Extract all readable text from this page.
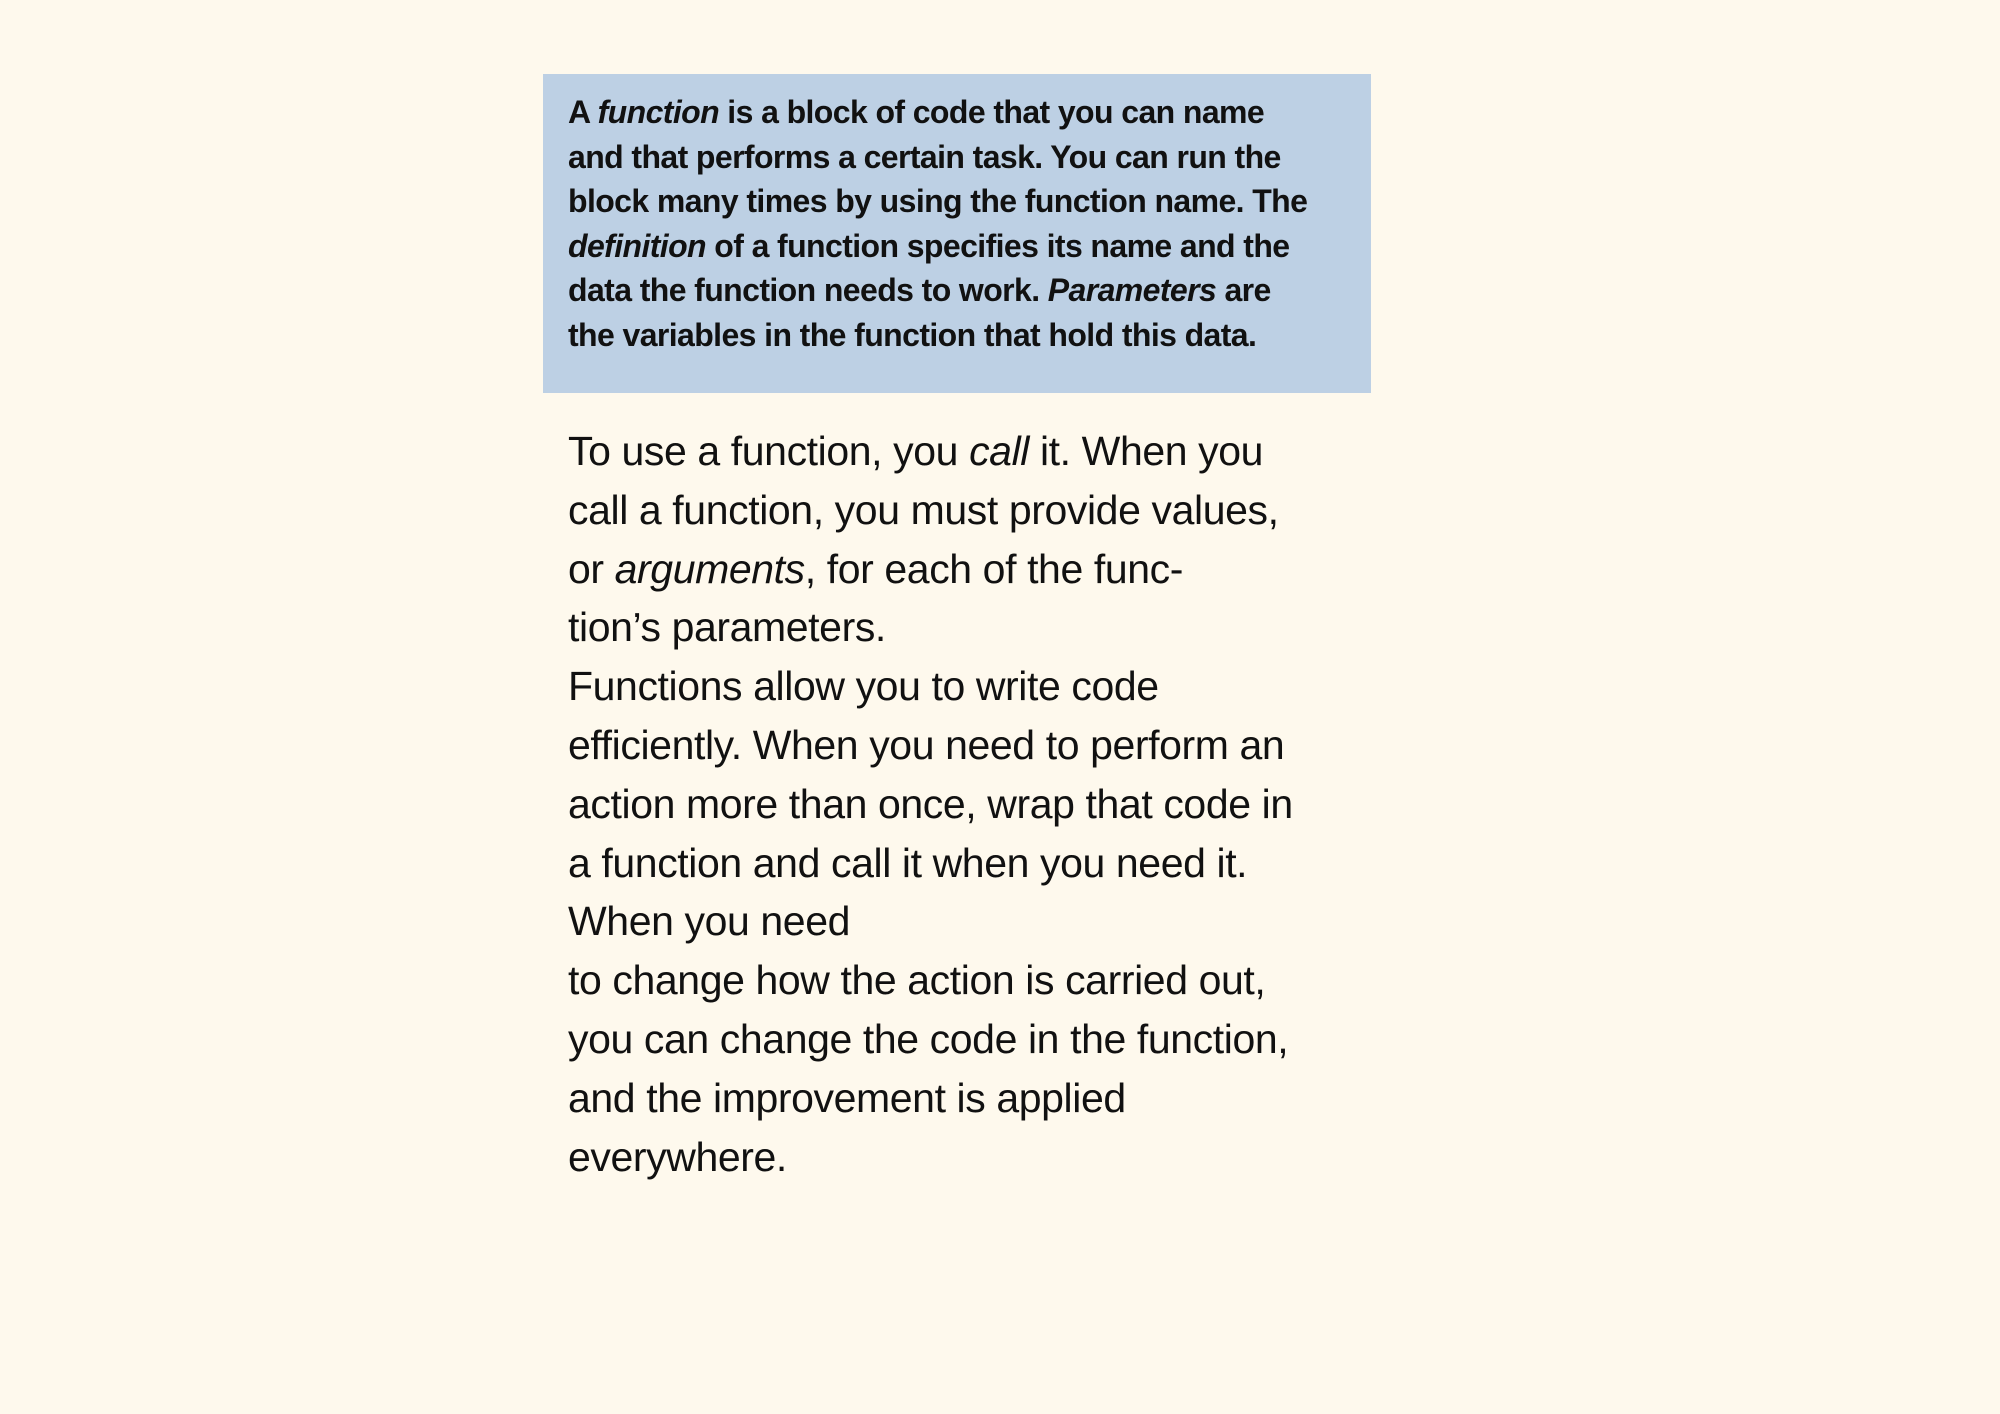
A function is a block of code that you can name
and that performs a certain task. You can run the
block many times by using the function name. The
definition of a function specifies its name and the
data the function needs to work. Parameters are
the variables in the function that hold this data.
To use a function, you call it. When you
call a function, you must provide values,
or arguments, for each of the func-
tion’s parameters.
Functions allow you to write code
efficiently. When you need to perform an
action more than once, wrap that code in
a function and call it when you need it.
When you need
to change how the action is carried out,
you can change the code in the function,
and the improvement is applied
everywhere.
